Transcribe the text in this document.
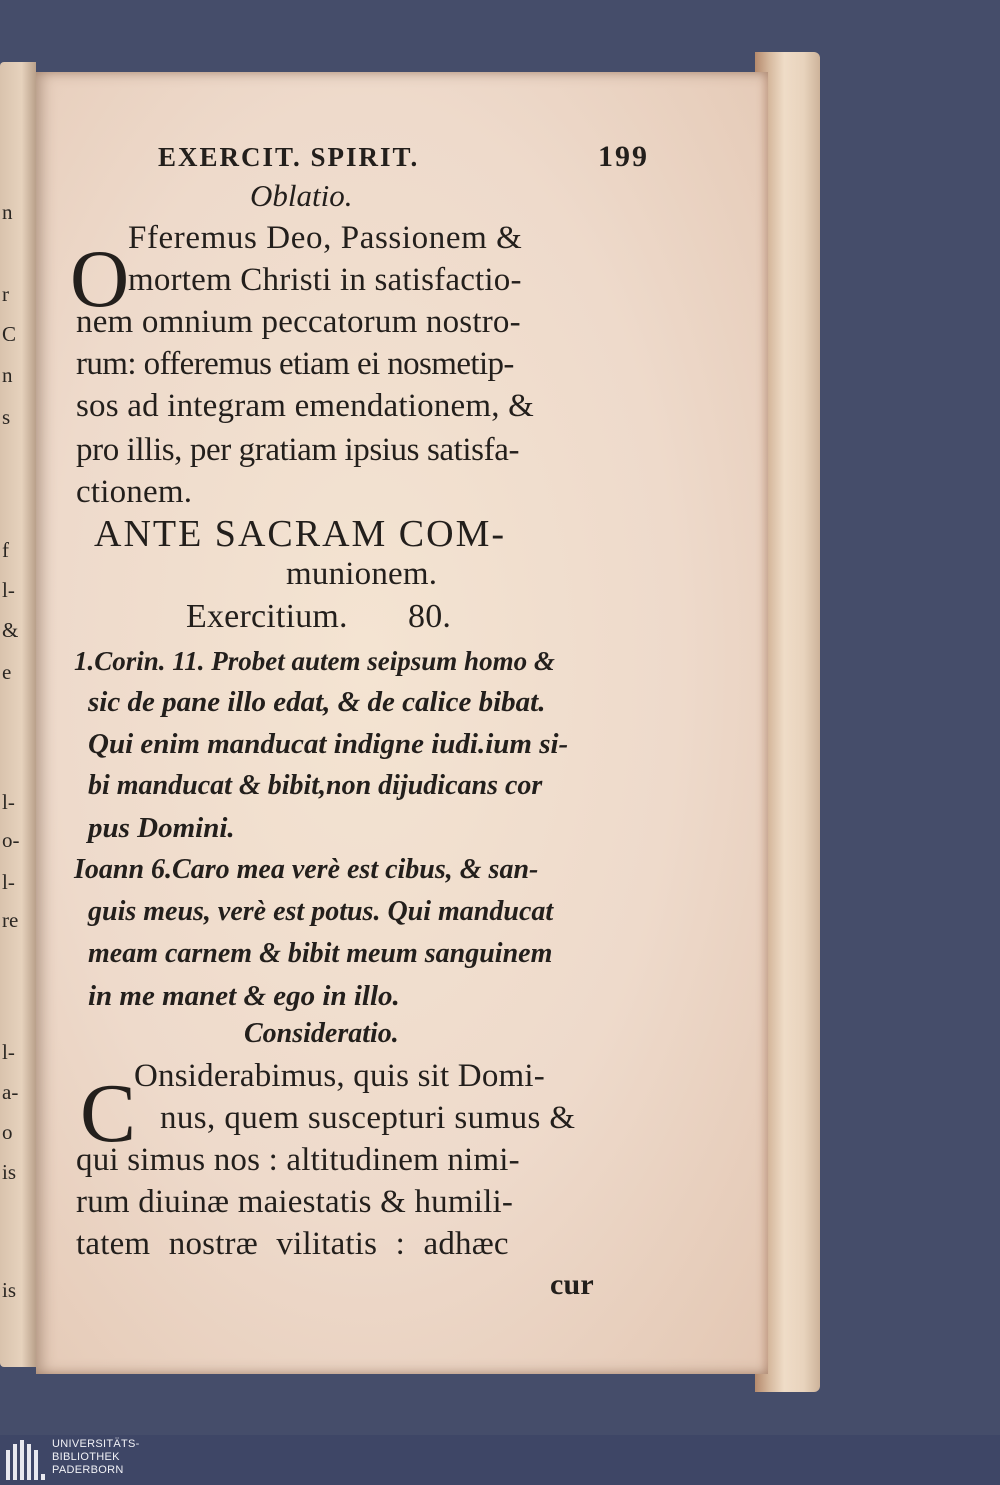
n
r
C
n
s
f
l-
&
e
l-
o-
l-
re
l-
a-
o
is
is
EXERCIT. SPIRIT.	199
Oblatio.
O
Fferemus Deo, Passionem &
mortem Christi in satisfactio-
nem omnium peccatorum nostro-
rum: offeremus etiam ei nosmetip-
sos ad integram emendationem, &
pro illis, per gratiam ipsius satisfa-
ctionem.
ANTE SACRAM COM-
munionem.
Exercitium. 80.
1.Corin. 11. Probet autem seipsum homo &
sic de pane illo edat, & de calice bibat.
Qui enim manducat indigne iudi.ium si-
bi manducat & bibit,non dijudicans cor
pus Domini.
Ioann 6.Caro mea verè est cibus, & san-
guis meus, verè est potus. Qui manducat
meam carnem & bibit meum sanguinem
in me manet & ego in illo.
Consideratio.
C
Onsiderabimus, quis sit Domi-
nus, quem suscepturi sumus &
qui simus nos : altitudinem nimi-
rum diuinæ maiestatis & humili-
tatem nostræ vilitatis : adhæc
cur
UNIVERSITÄTS-
BIBLIOTHEK
PADERBORN
